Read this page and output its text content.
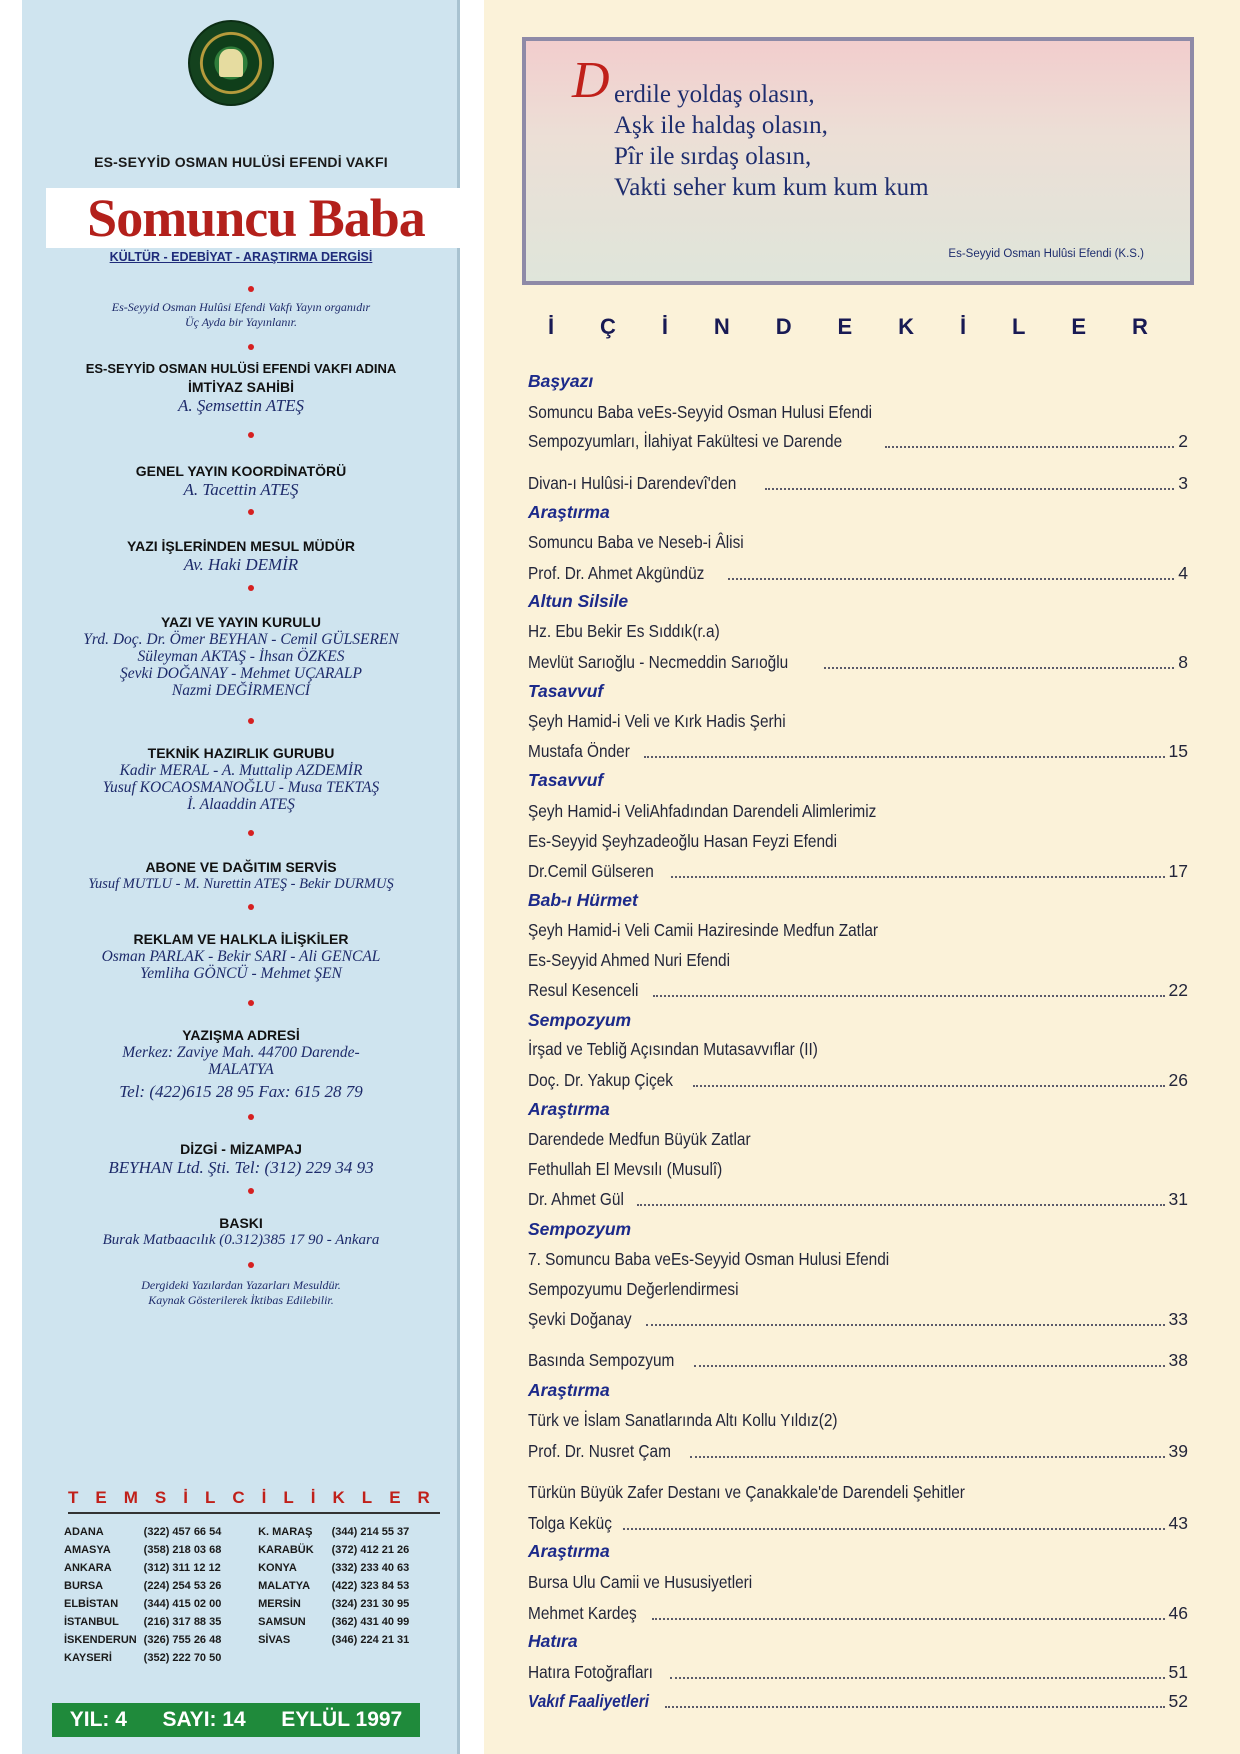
ES-SEYYİD OSMAN HULÜSİ EFENDİ VAKFI
Somuncu Baba
KÜLTÜR - EDEBİYAT - ARAŞTIRMA DERGİSİ
Es-Seyyid Osman Hulûsi Efendi Vakfı Yayın organıdır
Üç Ayda bir Yayınlanır.
ES-SEYYİD OSMAN HULÜSİ EFENDİ VAKFI ADINA
İMTİYAZ SAHİBİ
A. Şemsettin ATEŞ
GENEL YAYIN KOORDİNATÖRÜ
A. Tacettin ATEŞ
YAZI İŞLERİNDEN MESUL MÜDÜR
Av. Haki DEMİR
YAZI VE YAYIN KURULU
Yrd. Doç. Dr. Ömer BEYHAN - Cemil GÜLSEREN
Süleyman AKTAŞ - İhsan ÖZKES
Şevki DOĞANAY - Mehmet UÇARALP
Nazmi DEĞİRMENCİ
TEKNİK HAZIRLIK GURUBU
Kadir MERAL - A. Muttalip AZDEMİR
Yusuf KOCAOSMANOĞLU - Musa TEKTAŞ
İ. Alaaddin ATEŞ
ABONE VE DAĞITIM SERVİS
Yusuf MUTLU - M. Nurettin ATEŞ - Bekir DURMUŞ
REKLAM VE HALKLA İLİŞKİLER
Osman PARLAK - Bekir SARI - Ali GENCAL
Yemliha GÖNCÜ - Mehmet ŞEN
YAZIŞMA ADRESİ
Merkez: Zaviye Mah. 44700 Darende-
MALATYA
Tel: (422)615 28 95 Fax: 615 28 79
DİZGİ - MİZAMPAJ
BEYHAN Ltd. Şti. Tel: (312) 229 34 93
BASKI
Burak Matbaacılık (0.312)385 17 90 - Ankara
Dergideki Yazılardan Yazarları Mesuldür.
Kaynak Gösterilerek İktibas Edilebilir.
T E M S İ L C İ L İ K L E R
ADANA	(322) 457 66 54	K. MARAŞ	(344) 214 55 37
AMASYA	(358) 218 03 68	KARABÜK	(372) 412 21 26
ANKARA	(312) 311 12 12	KONYA	(332) 233 40 63
BURSA	(224) 254 53 26	MALATYA	(422) 323 84 53
ELBİSTAN	(344) 415 02 00	MERSİN	(324) 231 30 95
İSTANBUL	(216) 317 88 35	SAMSUN	(362) 431 40 99
İSKENDERUN	(326) 755 26 48	SİVAS	(346) 224 21 31
KAYSERİ	(352) 222 70 50		
YIL: 4 SAYI: 14 EYLÜL 1997
D erdile yoldaş olasın,
Aşk ile haldaş olasın,
Pîr ile sırdaş olasın,
Vakti seher kum kum kum kum
Es-Seyyid Osman Hulûsi Efendi (K.S.)
İ Ç İ N D E K İ L E R
Başyazı
Somuncu Baba veEs-Seyyid Osman Hulusi Efendi
Sempozyumları, İlahiyat Fakültesi ve Darende	2
Divan-ı Hulûsi-i Darendevî'den	3
Araştırma
Somuncu Baba ve Neseb-i Âlisi
Prof. Dr. Ahmet Akgündüz	4
Altun Silsile
Hz. Ebu Bekir Es Sıddık(r.a)
Mevlüt Sarıoğlu - Necmeddin Sarıoğlu	8
Tasavvuf
Şeyh Hamid-i Veli ve Kırk Hadis Şerhi
Mustafa Önder	15
Tasavvuf
Şeyh Hamid-i VeliAhfadından Darendeli Alimlerimiz
Es-Seyyid Şeyhzadeoğlu Hasan Feyzi Efendi
Dr.Cemil Gülseren	17
Bab-ı Hürmet
Şeyh Hamid-i Veli Camii Haziresinde Medfun Zatlar
Es-Seyyid Ahmed Nuri Efendi
Resul Kesenceli	22
Sempozyum
İrşad ve Tebliğ Açısından Mutasavvıflar (II)
Doç. Dr. Yakup Çiçek	26
Araştırma
Darendede Medfun Büyük Zatlar
Fethullah El Mevsılı (Musulî)
Dr. Ahmet Gül	31
Sempozyum
7. Somuncu Baba veEs-Seyyid Osman Hulusi Efendi
Sempozyumu Değerlendirmesi
Şevki Doğanay	33
Basında Sempozyum	38
Araştırma
Türk ve İslam Sanatlarında Altı Kollu Yıldız(2)
Prof. Dr. Nusret Çam	39
Türkün Büyük Zafer Destanı ve Çanakkale'de Darendeli Şehitler
Tolga Keküç	43
Araştırma
Bursa Ulu Camii ve Hususiyetleri
Mehmet Kardeş	46
Hatıra
Hatıra Fotoğrafları	51
Vakıf Faaliyetleri	52
